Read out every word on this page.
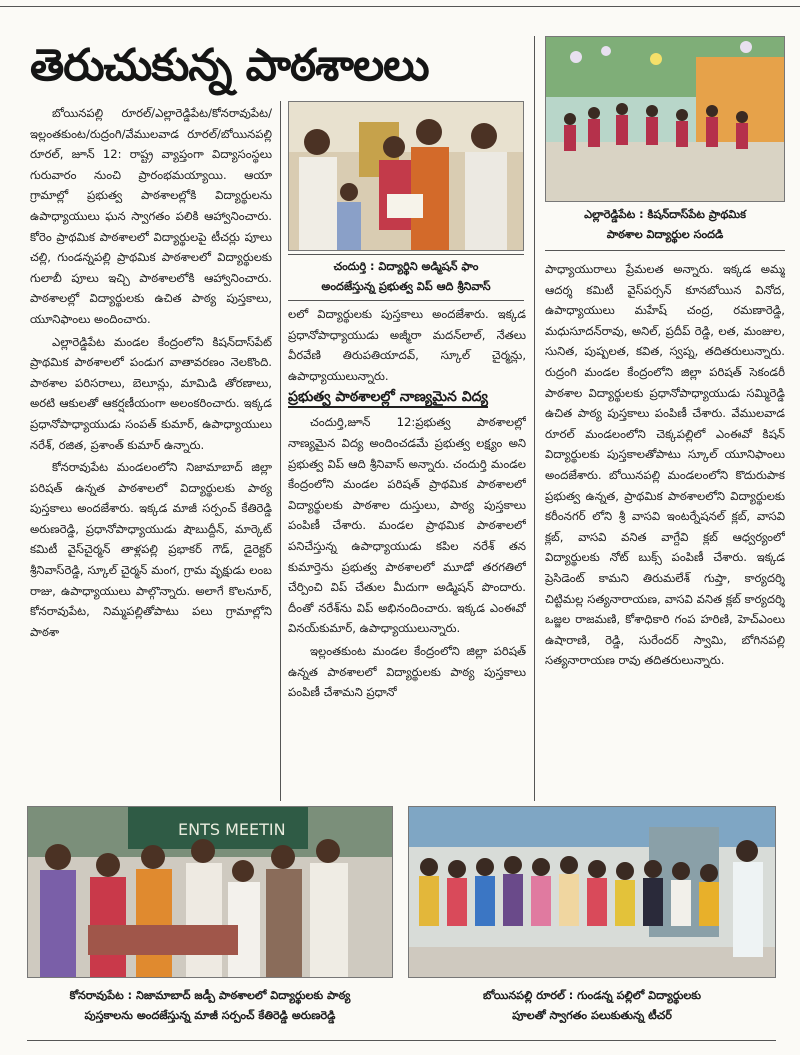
తెరుచుకున్న పాఠశాలలు
ఎల్లారెడ్డిపేట : కిషన్‌దాస్‌పేట ప్రాథమిక
పాఠశాల విద్యార్థుల సందడి
చందుర్తి : విద్యార్థిని అడ్మిషన్ ఫాం
అందజేస్తున్న ప్రభుత్వ విప్ ఆది శ్రీనివాస్

బోయినపల్లి రూరల్/ఎల్లారెడ్డిపేట/కోనరావుపేట/ఇల్లంతకుంట/రుద్రంగి/వేములవాడ రూరల్/బోయినపల్లి రూరల్, జూన్ 12: రాష్ట్ర వ్యాప్తంగా విద్యాసంస్థలు గురువారం నుంచి ప్రారంభమయ్యాయి. ఆయా గ్రామాల్లో ప్రభుత్వ పాఠశాలల్లోకి విద్యార్థులను ఉపాధ్యాయులు ఘన స్వాగతం పలికి ఆహ్వానించారు. కోరెం ప్రాథమిక పాఠశాలలో విద్యార్థులపై టీచర్లు పూలు చల్లి, గుండన్నపల్లి ప్రాథమిక పాఠశాలలో విద్యార్థులకు గులాబీ పూలు ఇచ్చి పాఠశాలలోకి ఆహ్వానించారు. పాఠశాలల్లో విద్యార్థులకు ఉచిత పాఠ్య పుస్తకాలు, యూనిఫాంలు అందించారు.

ఎల్లారెడ్డిపేట మండల కేంద్రంలోని కిషన్‌దాస్‌పేట్ ప్రాథమిక పాఠశాలలో పండుగ వాతావరణం నెలకొంది. పాఠశాల పరిసరాలు, బెలూన్లు, మామిడి తోరణాలు, అరటి ఆకులతో ఆకర్షణీయంగా అలంకరించారు. ఇక్కడ ప్రధానోపాధ్యాయుడు సంపత్ కుమార్, ఉపాధ్యాయులు నరేశ్, రజిత, ప్రశాంత్ కుమార్ ఉన్నారు.

కోనరావుపేట మండలంలోని నిజామాబాద్ జిల్లా పరిషత్ ఉన్నత పాఠశాలలో విద్యార్థులకు పాఠ్య పుస్తకాలు అందజేశారు. ఇక్కడ మాజీ సర్పంచ్ కేతిరెడ్డి అరుణరెడ్డి, ప్రధానోపాధ్యాయుడు షౌబుద్దీన్, మార్కెట్ కమిటీ వైస్‌చైర్మన్ తాళ్లపల్లి ప్రభాకర్ గౌడ్, డైరెక్టర్ శ్రీనివాస్‌రెడ్డి, స్కూల్ చైర్మన్ మంగ, గ్రామ వృక్షుడు లంబ రాజు, ఉపాధ్యాయులు పాల్గొన్నారు. అలాగే కొలనూర్, కోనరావుపేట, నిమ్మపల్లితోపాటు పలు గ్రామాల్లోని పాఠశా

లలో విద్యార్థులకు పుస్తకాలు అందజేశారు. ఇక్కడ ప్రధానోపాధ్యాయుడు అజ్మీరా మదన్‌లాల్, నేతలు వీరవేణి తిరుపతియాదవ్, స్కూల్ చైర్మన్లు, ఉపాధ్యాయులున్నారు.

ప్రభుత్వ పాఠశాలల్లో నాణ్యమైన విద్య

చందుర్తి,జూన్ 12:ప్రభుత్వ పాఠశాలల్లో నాణ్యమైన విద్య అందించడమే ప్రభుత్వ లక్ష్యం అని ప్రభుత్వ విప్ ఆది శ్రీనివాస్ అన్నారు. చందుర్తి మండల కేంద్రంలోని మండల పరిషత్ ప్రాథమిక పాఠశాలలో విద్యార్థులకు పాఠశాల దుస్తులు, పాఠ్య పుస్తకాలు పంపిణీ చేశారు. మండల ప్రాథమిక పాఠశాలలో పనిచేస్తున్న ఉపాధ్యాయుడు కపిల నరేశ్ తన కుమార్తెను ప్రభుత్వ పాఠశాలలో మూడో తరగతిలో చేర్పించి విప్ చేతుల మీదుగా అడ్మిషన్ పొందారు. దీంతో నరేశ్‌ను విప్ అభినందించారు. ఇక్కడ ఎంఈవో వినయ్‌కుమార్, ఉపాధ్యాయులున్నారు.

ఇల్లంతకుంట మండల కేంద్రంలోని జిల్లా పరిషత్ ఉన్నత పాఠశాలలో విద్యార్థులకు పాఠ్య పుస్తకాలు పంపిణీ చేశామని ప్రధానో

పాధ్యాయురాలు ప్రేమలత అన్నారు. ఇక్కడ అమ్మ ఆదర్శ కమిటీ వైస్‌పర్సన్ కూనబోయిన వినోద, ఉపాధ్యాయులు మహేష్ చంద్ర, రమణారెడ్డి, మధుసూదన్‌రావు, అనిల్, ప్రదీప్ రెడ్డి, లత, మంజుల, సునిత, పుష్పలత, కవిత, స్వప్న, తదితరులున్నారు. రుద్రంగి మండల కేంద్రంలోని జిల్లా పరిషత్ సెకండరీ పాఠశాల విద్యార్థులకు ప్రధానోపాధ్యాయుడు సమ్మిరెడ్డి ఉచిత పాఠ్య పుస్తకాలు పంపిణీ చేశారు. వేములవాడ రూరల్ మండలంలోని చెక్కపల్లిలో ఎంఈవో కిషన్ విద్యార్థులకు పుస్తకాలతోపాటు స్కూల్ యూనిఫాంలు అందజేశారు. బోయినపల్లి మండలంలోని కొదురుపాక ప్రభుత్వ ఉన్నత, ప్రాథమిక పాఠశాలలోని విద్యార్థులకు కరీంనగర్ లోని శ్రీ వాసవి ఇంటర్నేషనల్ క్లబ్, వాసవి క్లబ్, వాసవి వనిత వాగ్దేవి క్లబ్ ఆధ్వర్యంలో విద్యార్థులకు నోట్ బుక్స్ పంపిణీ చేశారు. ఇక్కడ ప్రెసిడెంట్ కామని తిరుమలేశ్ గుప్తా, కార్యదర్శి చిట్టిమల్ల సత్యనారాయణ, వాసవి వనిత క్లబ్ కార్యదర్శి ఒజ్జల రాజమణి, కోశాధికారి గంప హరిణి, హెచ్‌ఎంలు ఉషారాణి, రెడ్డి, సురేందర్ స్వామి, బోగినపల్లి సత్యనారాయణ రావు తదితరులున్నారు.

ENTS MEETIN
కోనరావుపేట : నిజామాబాద్ జడ్పీ పాఠశాలలో విద్యార్థులకు పాఠ్య
పుస్తకాలను అందజేస్తున్న మాజీ సర్పంచ్ కేతిరెడ్డి అరుణరెడ్డి
బోయినపల్లి రూరల్ : గుండన్న పల్లిలో విద్యార్థులకు
పూలతో స్వాగతం పలుకుతున్న టీచర్
